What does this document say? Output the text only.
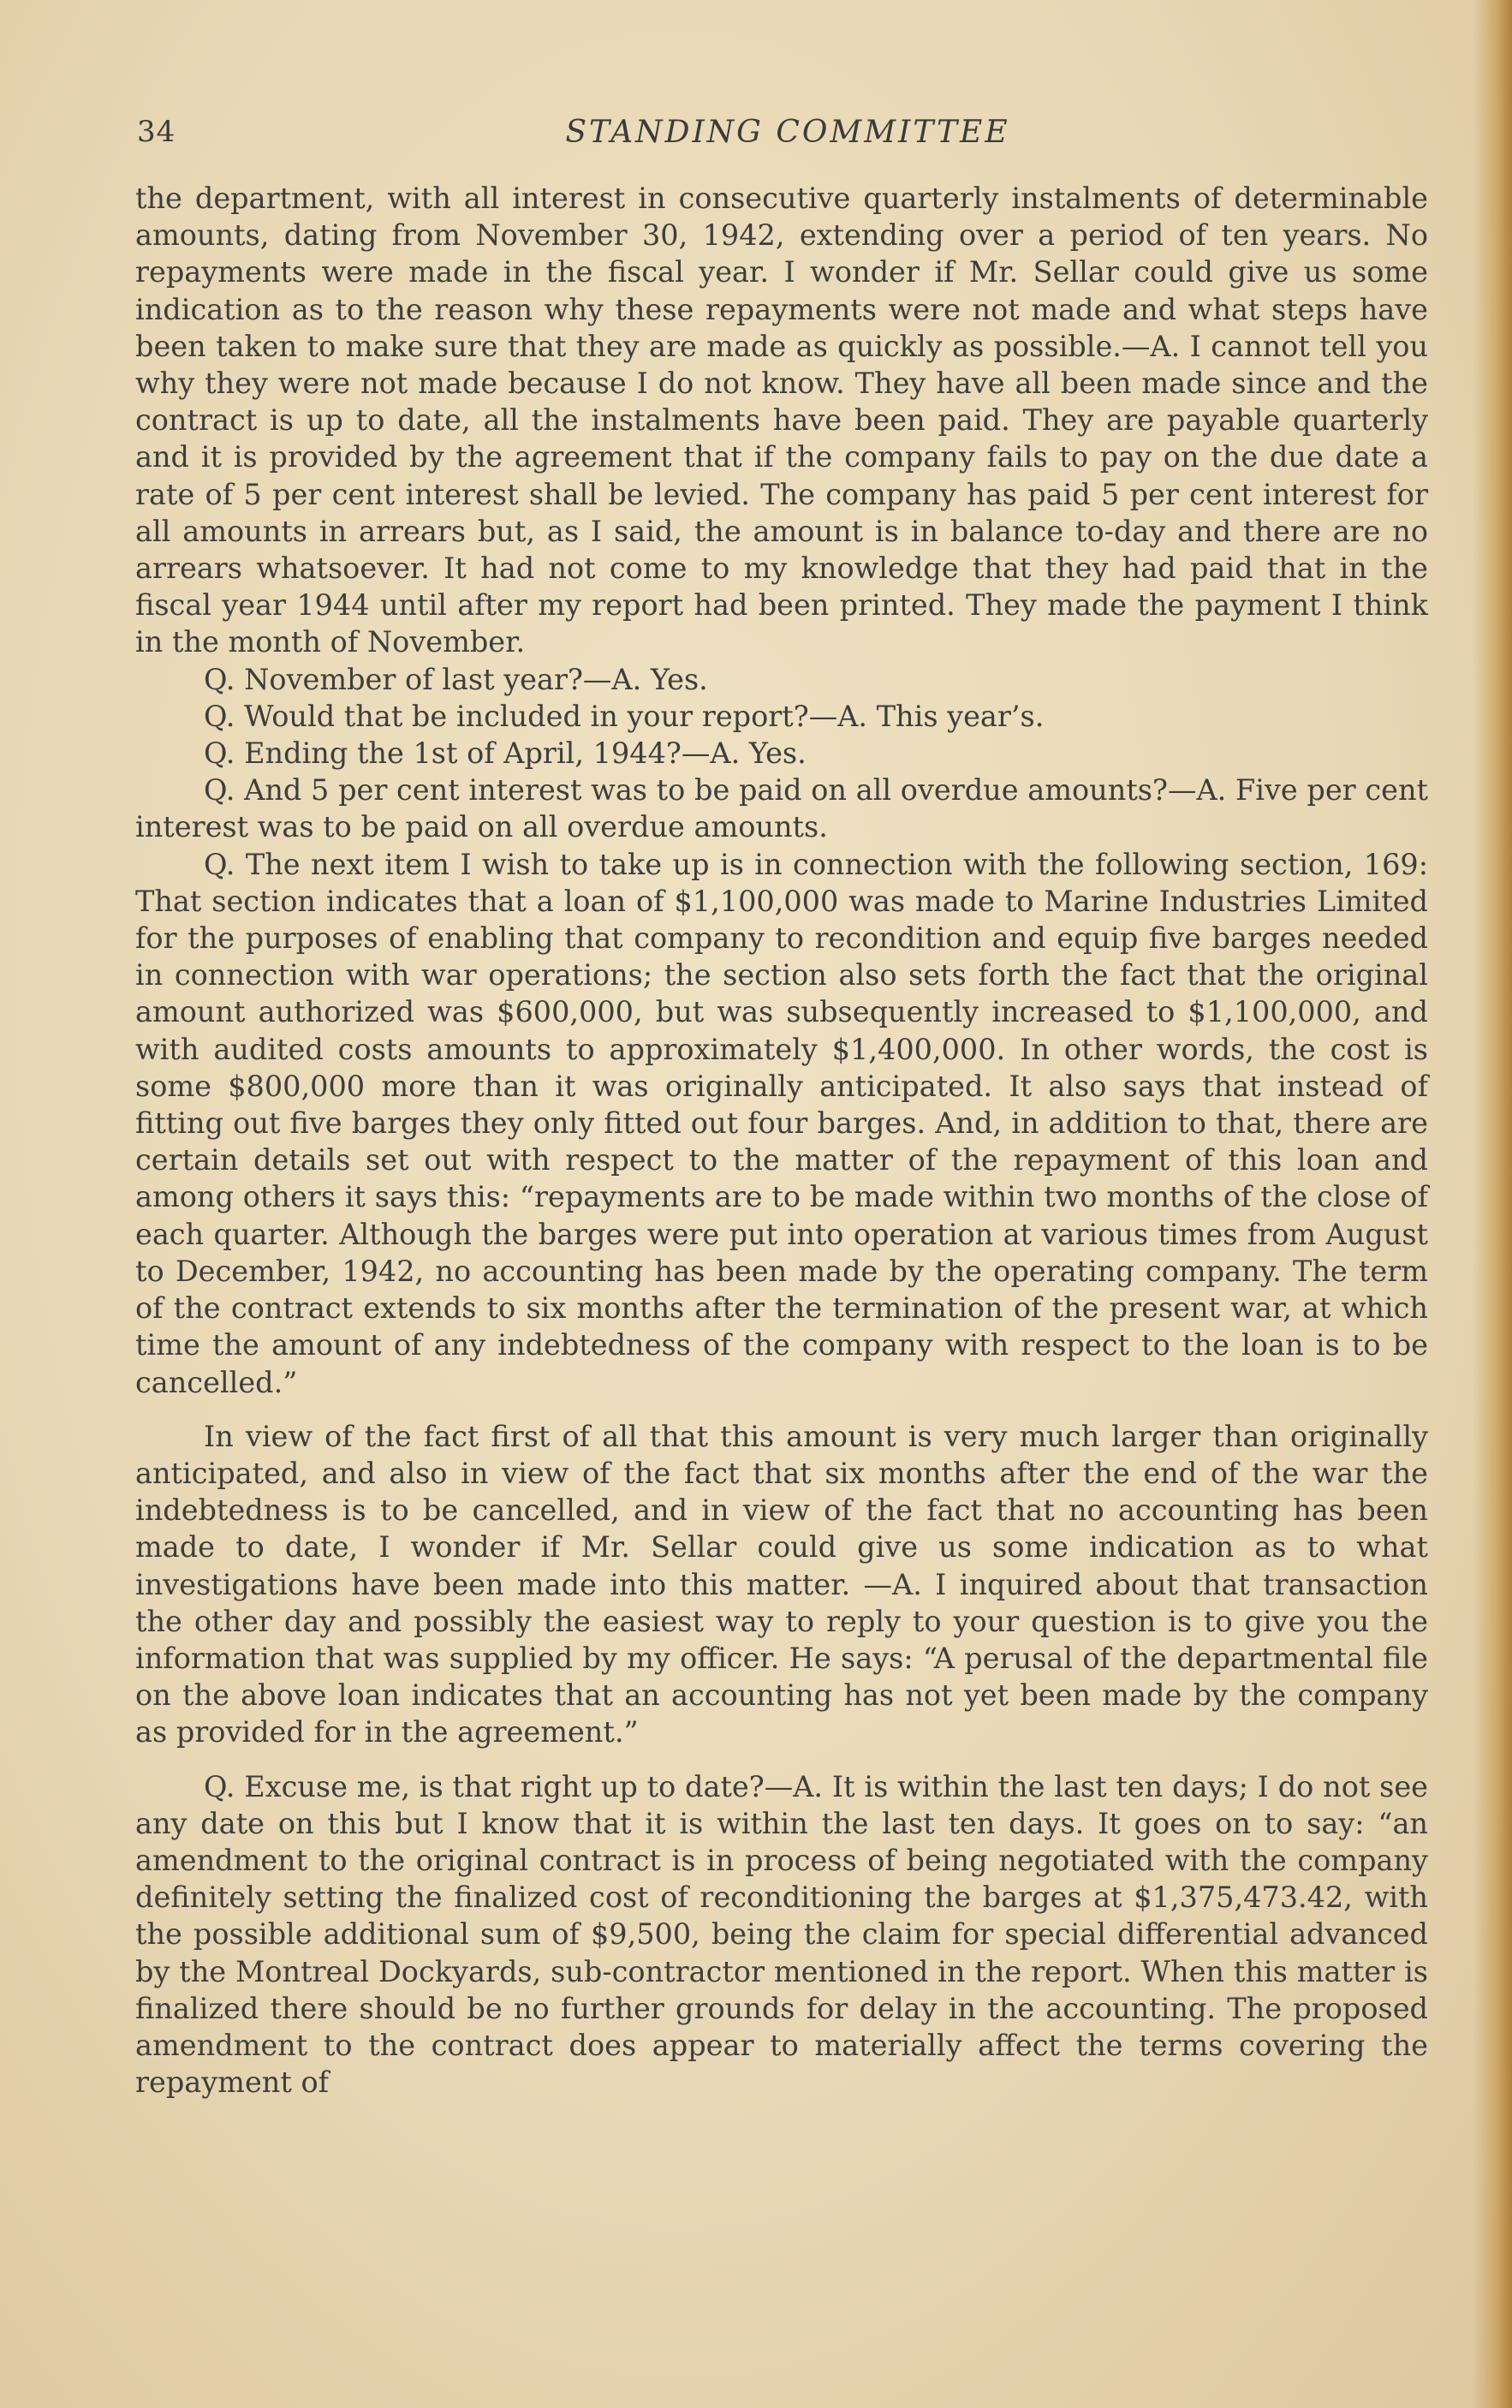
34	STANDING COMMITTEE

the department, with all interest in consecutive quarterly instalments of determinable amounts, dating from November 30, 1942, extending over a period of ten years. No repayments were made in the fiscal year. I wonder if Mr. Sellar could give us some indication as to the reason why these repayments were not made and what steps have been taken to make sure that they are made as quickly as possible.—A. I cannot tell you why they were not made because I do not know. They have all been made since and the contract is up to date, all the instalments have been paid. They are payable quarterly and it is provided by the agreement that if the company fails to pay on the due date a rate of 5 per cent interest shall be levied. The company has paid 5 per cent interest for all amounts in arrears but, as I said, the amount is in balance to-day and there are no arrears whatsoever. It had not come to my knowledge that they had paid that in the fiscal year 1944 until after my report had been printed. They made the payment I think in the month of November.

Q. November of last year?—A. Yes.

Q. Would that be included in your report?—A. This year’s.

Q. Ending the 1st of April, 1944?—A. Yes.

Q. And 5 per cent interest was to be paid on all overdue amounts?—A. Five per cent interest was to be paid on all overdue amounts.

Q. The next item I wish to take up is in connection with the following section, 169: That section indicates that a loan of $1,100,000 was made to Marine Industries Limited for the purposes of enabling that company to recondition and equip five barges needed in connection with war operations; the section also sets forth the fact that the original amount authorized was $600,000, but was subsequently increased to $1,100,000, and with audited costs amounts to approximately $1,400,000. In other words, the cost is some $800,000 more than it was originally anticipated. It also says that instead of fitting out five barges they only fitted out four barges. And, in addition to that, there are certain details set out with respect to the matter of the repayment of this loan and among others it says this: “repayments are to be made within two months of the close of each quarter. Although the barges were put into operation at various times from August to December, 1942, no accounting has been made by the operating company. The term of the contract extends to six months after the termination of the present war, at which time the amount of any indebtedness of the company with respect to the loan is to be cancelled.”

In view of the fact first of all that this amount is very much larger than originally anticipated, and also in view of the fact that six months after the end of the war the indebtedness is to be cancelled, and in view of the fact that no accounting has been made to date, I wonder if Mr. Sellar could give us some indication as to what investigations have been made into this matter. —A. I inquired about that transaction the other day and possibly the easiest way to reply to your question is to give you the information that was supplied by my officer. He says: “A perusal of the departmental file on the above loan indicates that an accounting has not yet been made by the company as provided for in the agreement.”

Q. Excuse me, is that right up to date?—A. It is within the last ten days; I do not see any date on this but I know that it is within the last ten days. It goes on to say: “an amendment to the original contract is in process of being negotiated with the company definitely setting the finalized cost of reconditioning the barges at $1,375,473.42, with the possible additional sum of $9,500, being the claim for special differential advanced by the Montreal Dockyards, sub-contractor mentioned in the report. When this matter is finalized there should be no further grounds for delay in the accounting. The proposed amendment to the contract does appear to materially affect the terms covering the repayment of
